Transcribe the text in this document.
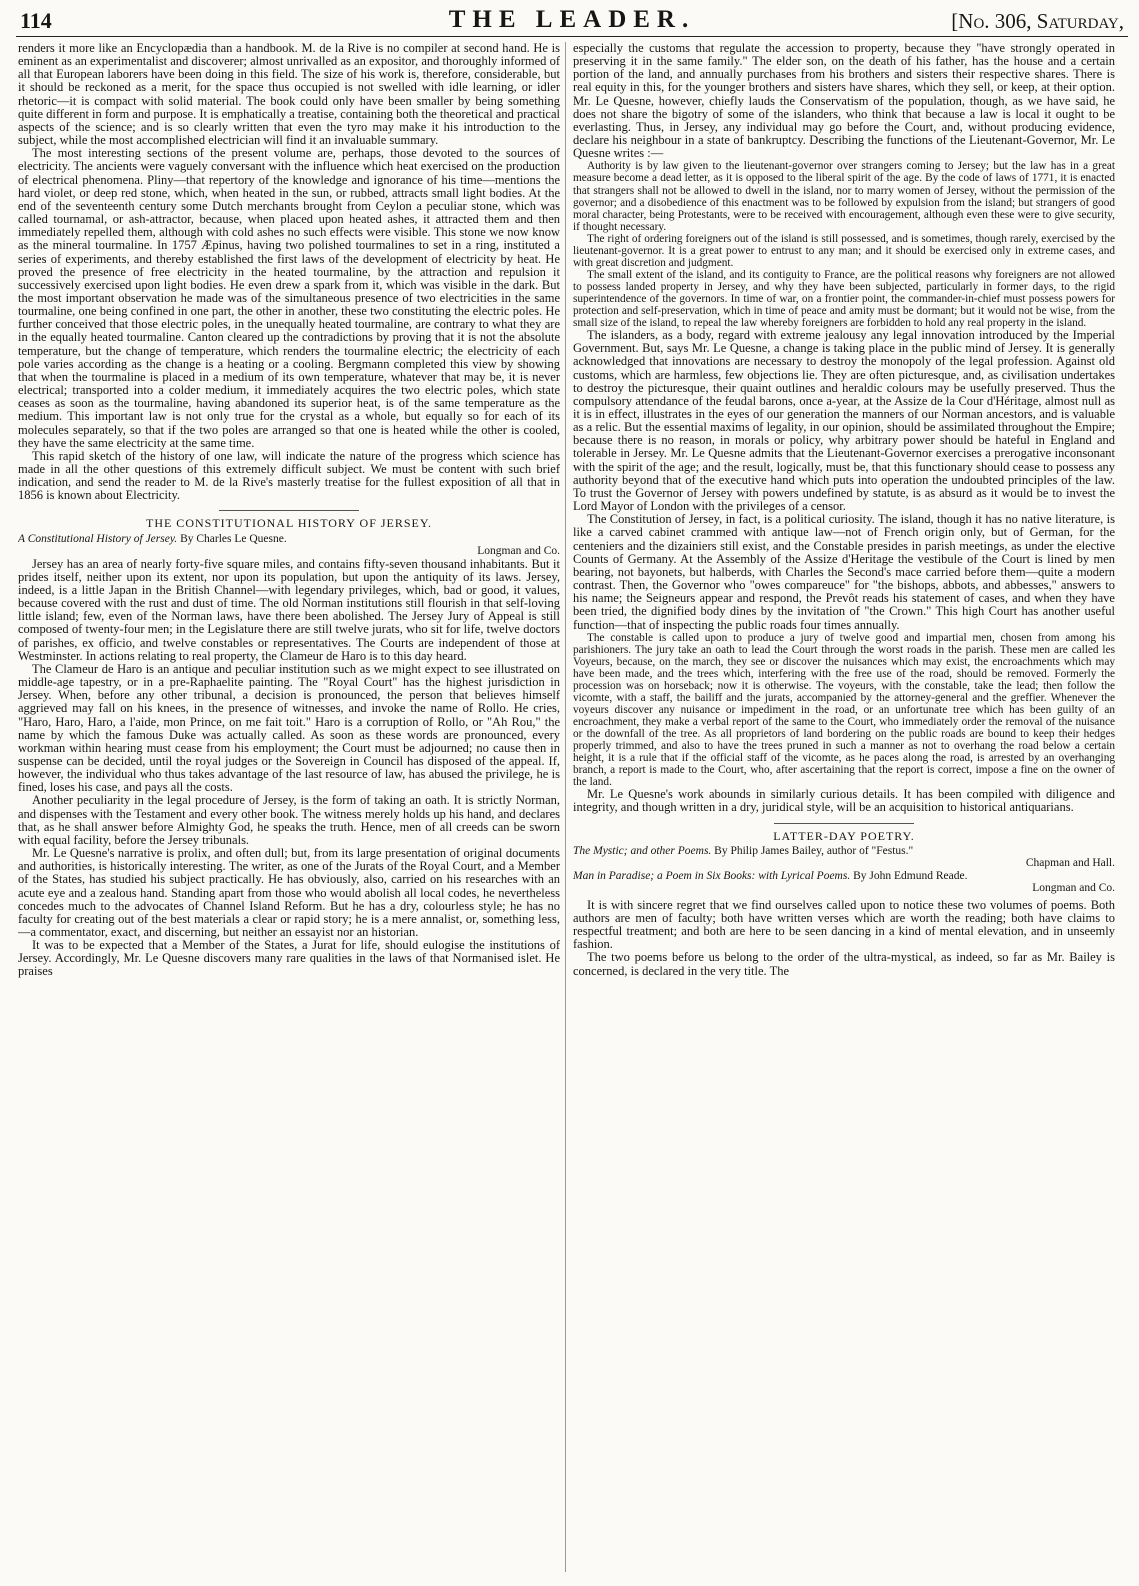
114	THE LEADER.	[No. 306, Saturday,

renders it more like an Encyclopædia than a handbook. M. de la Rive is no compiler at second hand. He is eminent as an experimentalist and discoverer; almost unrivalled as an expositor, and thoroughly informed of all that European laborers have been doing in this field. The size of his work is, therefore, considerable, but it should be reckoned as a merit, for the space thus occupied is not swelled with idle learning, or idler rhetoric—it is compact with solid material. The book could only have been smaller by being something quite different in form and purpose. It is emphatically a treatise, containing both the theoretical and practical aspects of the science; and is so clearly written that even the tyro may make it his introduction to the subject, while the most accomplished electrician will find it an invaluable summary.

The most interesting sections of the present volume are, perhaps, those devoted to the sources of electricity. The ancients were vaguely conversant with the influence which heat exercised on the production of electrical phenomena. Pliny—that repertory of the knowledge and ignorance of his time—mentions the hard violet, or deep red stone, which, when heated in the sun, or rubbed, attracts small light bodies. At the end of the seventeenth century some Dutch merchants brought from Ceylon a peculiar stone, which was called tournamal, or ash-attractor, because, when placed upon heated ashes, it attracted them and then immediately repelled them, although with cold ashes no such effects were visible. This stone we now know as the mineral tourmaline. In 1757 Æpinus, having two polished tourmalines to set in a ring, instituted a series of experiments, and thereby established the first laws of the development of electricity by heat. He proved the presence of free electricity in the heated tourmaline, by the attraction and repulsion it successively exercised upon light bodies. He even drew a spark from it, which was visible in the dark. But the most important observation he made was of the simultaneous presence of two electricities in the same tourmaline, one being confined in one part, the other in another, these two constituting the electric poles. He further conceived that those electric poles, in the unequally heated tourmaline, are contrary to what they are in the equally heated tourmaline. Canton cleared up the contradictions by proving that it is not the absolute temperature, but the change of temperature, which renders the tourmaline electric; the electricity of each pole varies according as the change is a heating or a cooling. Bergmann completed this view by showing that when the tourmaline is placed in a medium of its own temperature, whatever that may be, it is never electrical; transported into a colder medium, it immediately acquires the two electric poles, which state ceases as soon as the tourmaline, having abandoned its superior heat, is of the same temperature as the medium. This important law is not only true for the crystal as a whole, but equally so for each of its molecules separately, so that if the two poles are arranged so that one is heated while the other is cooled, they have the same electricity at the same time.

This rapid sketch of the history of one law, will indicate the nature of the progress which science has made in all the other questions of this extremely difficult subject. We must be content with such brief indication, and send the reader to M. de la Rive's masterly treatise for the fullest exposition of all that in 1856 is known about Electricity.

THE CONSTITUTIONAL HISTORY OF JERSEY.

A Constitutional History of Jersey. By Charles Le Quesne.
Longman and Co.

Jersey has an area of nearly forty-five square miles, and contains fifty-seven thousand inhabitants. But it prides itself, neither upon its extent, nor upon its population, but upon the antiquity of its laws. Jersey, indeed, is a little Japan in the British Channel—with legendary privileges, which, bad or good, it values, because covered with the rust and dust of time. The old Norman institutions still flourish in that self-loving little island; few, even of the Norman laws, have there been abolished. The Jersey Jury of Appeal is still composed of twenty-four men; in the Legislature there are still twelve jurats, who sit for life, twelve doctors of parishes, ex officio, and twelve constables or representatives. The Courts are independent of those at Westminster. In actions relating to real property, the Clameur de Haro is to this day heard.

The Clameur de Haro is an antique and peculiar institution such as we might expect to see illustrated on middle-age tapestry, or in a pre-Raphaelite painting. The "Royal Court" has the highest jurisdiction in Jersey. When, before any other tribunal, a decision is pronounced, the person that believes himself aggrieved may fall on his knees, in the presence of witnesses, and invoke the name of Rollo. He cries, "Haro, Haro, Haro, a l'aide, mon Prince, on me fait toit." Haro is a corruption of Rollo, or "Ah Rou," the name by which the famous Duke was actually called. As soon as these words are pronounced, every workman within hearing must cease from his employment; the Court must be adjourned; no cause then in suspense can be decided, until the royal judges or the Sovereign in Council has disposed of the appeal. If, however, the individual who thus takes advantage of the last resource of law, has abused the privilege, he is fined, loses his case, and pays all the costs.

Another peculiarity in the legal procedure of Jersey, is the form of taking an oath. It is strictly Norman, and dispenses with the Testament and every other book. The witness merely holds up his hand, and declares that, as he shall answer before Almighty God, he speaks the truth. Hence, men of all creeds can be sworn with equal facility, before the Jersey tribunals.

Mr. Le Quesne's narrative is prolix, and often dull; but, from its large presentation of original documents and authorities, is historically interesting. The writer, as one of the Jurats of the Royal Court, and a Member of the States, has studied his subject practically. He has obviously, also, carried on his researches with an acute eye and a zealous hand. Standing apart from those who would abolish all local codes, he nevertheless concedes much to the advocates of Channel Island Reform. But he has a dry, colourless style; he has no faculty for creating out of the best materials a clear or rapid story; he is a mere annalist, or, something less,—a commentator, exact, and discerning, but neither an essayist nor an historian.

It was to be expected that a Member of the States, a Jurat for life, should eulogise the institutions of Jersey. Accordingly, Mr. Le Quesne discovers many rare qualities in the laws of that Normanised islet. He praises

especially the customs that regulate the accession to property, because they "have strongly operated in preserving it in the same family." The elder son, on the death of his father, has the house and a certain portion of the land, and annually purchases from his brothers and sisters their respective shares. There is real equity in this, for the younger brothers and sisters have shares, which they sell, or keep, at their option. Mr. Le Quesne, however, chiefly lauds the Conservatism of the population, though, as we have said, he does not share the bigotry of some of the islanders, who think that because a law is local it ought to be everlasting. Thus, in Jersey, any individual may go before the Court, and, without producing evidence, declare his neighbour in a state of bankruptcy. Describing the functions of the Lieutenant-Governor, Mr. Le Quesne writes :—

Authority is by law given to the lieutenant-governor over strangers coming to Jersey; but the law has in a great measure become a dead letter, as it is opposed to the liberal spirit of the age. By the code of laws of 1771, it is enacted that strangers shall not be allowed to dwell in the island, nor to marry women of Jersey, without the permission of the governor; and a disobedience of this enactment was to be followed by expulsion from the island; but strangers of good moral character, being Protestants, were to be received with encouragement, although even these were to give security, if thought necessary.

The right of ordering foreigners out of the island is still possessed, and is sometimes, though rarely, exercised by the lieutenant-governor. It is a great power to entrust to any man; and it should be exercised only in extreme cases, and with great discretion and judgment.

The small extent of the island, and its contiguity to France, are the political reasons why foreigners are not allowed to possess landed property in Jersey, and why they have been subjected, particularly in former days, to the rigid superintendence of the governors. In time of war, on a frontier point, the commander-in-chief must possess powers for protection and self-preservation, which in time of peace and amity must be dormant; but it would not be wise, from the small size of the island, to repeal the law whereby foreigners are forbidden to hold any real property in the island.

The islanders, as a body, regard with extreme jealousy any legal innovation introduced by the Imperial Government. But, says Mr. Le Quesne, a change is taking place in the public mind of Jersey. It is generally acknowledged that innovations are necessary to destroy the monopoly of the legal profession. Against old customs, which are harmless, few objections lie. They are often picturesque, and, as civilisation undertakes to destroy the picturesque, their quaint outlines and heraldic colours may be usefully preserved. Thus the compulsory attendance of the feudal barons, once a-year, at the Assize de la Cour d'Héritage, almost null as it is in effect, illustrates in the eyes of our generation the manners of our Norman ancestors, and is valuable as a relic. But the essential maxims of legality, in our opinion, should be assimilated throughout the Empire; because there is no reason, in morals or policy, why arbitrary power should be hateful in England and tolerable in Jersey. Mr. Le Quesne admits that the Lieutenant-Governor exercises a prerogative inconsonant with the spirit of the age; and the result, logically, must be, that this functionary should cease to possess any authority beyond that of the executive hand which puts into operation the undoubted principles of the law. To trust the Governor of Jersey with powers undefined by statute, is as absurd as it would be to invest the Lord Mayor of London with the privileges of a censor.

The Constitution of Jersey, in fact, is a political curiosity. The island, though it has no native literature, is like a carved cabinet crammed with antique law—not of French origin only, but of German, for the centeniers and the dizainiers still exist, and the Constable presides in parish meetings, as under the elective Counts of Germany. At the Assembly of the Assize d'Heritage the vestibule of the Court is lined by men bearing, not bayonets, but halberds, with Charles the Second's mace carried before them—quite a modern contrast. Then, the Governor who "owes compareuce" for "the bishops, abbots, and abbesses," answers to his name; the Seigneurs appear and respond, the Prevôt reads his statement of cases, and when they have been tried, the dignified body dines by the invitation of "the Crown." This high Court has another useful function—that of inspecting the public roads four times annually.

The constable is called upon to produce a jury of twelve good and impartial men, chosen from among his parishioners. The jury take an oath to lead the Court through the worst roads in the parish. These men are called les Voyeurs, because, on the march, they see or discover the nuisances which may exist, the encroachments which may have been made, and the trees which, interfering with the free use of the road, should be removed. Formerly the procession was on horseback; now it is otherwise. The voyeurs, with the constable, take the lead; then follow the vicomte, with a staff, the bailiff and the jurats, accompanied by the attorney-general and the greffier. Whenever the voyeurs discover any nuisance or impediment in the road, or an unfortunate tree which has been guilty of an encroachment, they make a verbal report of the same to the Court, who immediately order the removal of the nuisance or the downfall of the tree. As all proprietors of land bordering on the public roads are bound to keep their hedges properly trimmed, and also to have the trees pruned in such a manner as not to overhang the road below a certain height, it is a rule that if the official staff of the vicomte, as he paces along the road, is arrested by an overhanging branch, a report is made to the Court, who, after ascertaining that the report is correct, impose a fine on the owner of the land.

Mr. Le Quesne's work abounds in similarly curious details. It has been compiled with diligence and integrity, and though written in a dry, juridical style, will be an acquisition to historical antiquarians.

LATTER-DAY POETRY.

The Mystic; and other Poems. By Philip James Bailey, author of "Festus."
Chapman and Hall.

Man in Paradise; a Poem in Six Books: with Lyrical Poems. By John Edmund Reade.
Longman and Co.

It is with sincere regret that we find ourselves called upon to notice these two volumes of poems. Both authors are men of faculty; both have written verses which are worth the reading; both have claims to respectful treatment; and both are here to be seen dancing in a kind of mental elevation, and in unseemly fashion.

The two poems before us belong to the order of the ultra-mystical, as indeed, so far as Mr. Bailey is concerned, is declared in the very title. The
